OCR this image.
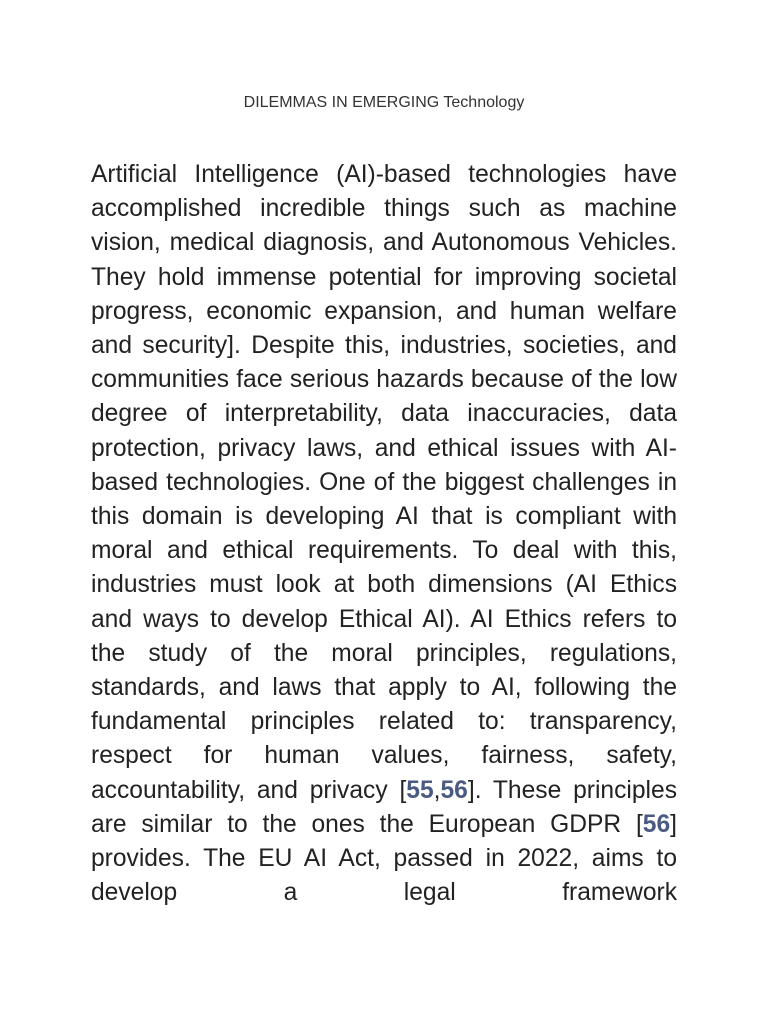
DILEMMAS IN EMERGING Technology

Artificial Intelligence (AI)-based technologies have accomplished incredible things such as machine vision, medical diagnosis, and Autonomous Vehicles. They hold immense potential for improving societal progress, economic expansion, and human welfare and security]. Despite this, industries, societies, and communities face serious hazards because of the low degree of interpretability, data inaccuracies, data protection, privacy laws, and ethical issues with AI-based technologies. One of the biggest challenges in this domain is developing AI that is compliant with moral and ethical requirements. To deal with this, industries must look at both dimensions (AI Ethics and ways to develop Ethical AI). AI Ethics refers to the study of the moral principles, regulations, standards, and laws that apply to AI, following the fundamental principles related to: transparency, respect for human values, fairness, safety, accountability, and privacy [55,56]. These principles are similar to the ones the European GDPR [56] provides. The EU AI Act, passed in 2022, aims to develop a legal framework
